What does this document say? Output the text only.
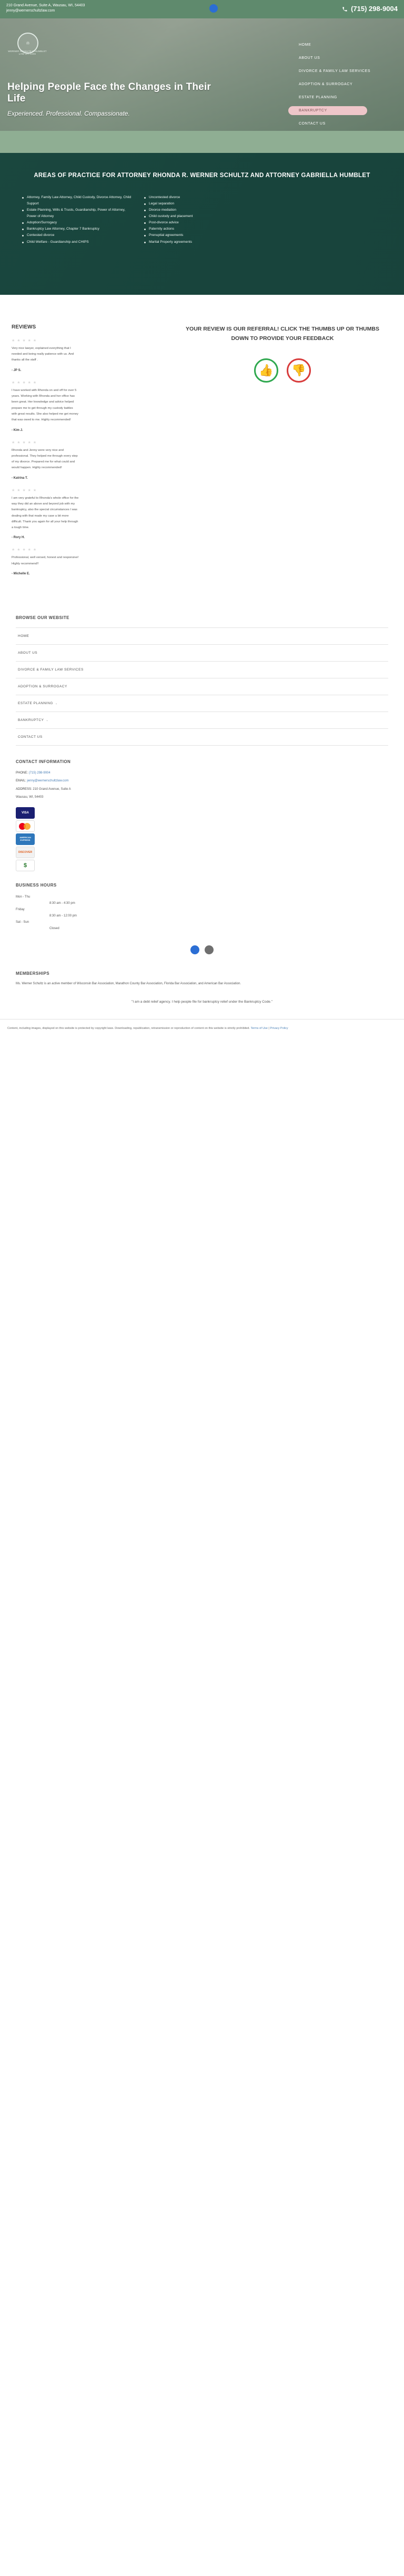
210 Grand Avenue, Suite A, Wausau, WI, 54403
jenny@wernerschultzlaw.com	(715) 298-9004
⚖
WERNER SCHULTZ & HUMBLET LAW OFFICES
HOME
ABOUT US
DIVORCE & FAMILY LAW SERVICES
ADOPTION & SURROGACY
ESTATE PLANNING
BANKRUPTCY
CONTACT US
Helping People Face the Changes in Their Life
Experienced. Professional. Compassionate.
AREAS OF PRACTICE FOR ATTORNEY RHONDA R. WERNER SCHULTZ AND ATTORNEY GABRIELLA HUMBLET
Attorney, Family Law Attorney, Child Custody, Divorce Attorney, Child Support
Estate Planning, Wills & Trusts, Guardianship, Power of Attorney, Power of Attorney
Adoption/Surrogacy
Bankruptcy Law Attorney, Chapter 7 Bankruptcy
Contested divorce
Child Welfare - Guardianship and CHIPS
Uncontested divorce
Legal separation
Divorce mediation
Child custody and placement
Post-divorce advice
Paternity actions
Prenuptial agreements
Marital Property agreements
REVIEWS
★ ★ ★ ★ ★
Very nice lawyer, explained everything that I needed and being really patience with us. And thanks all the staff .
- JP S.
★ ★ ★ ★ ★
I have worked with Rhonda on and off for over 5 years. Working with Rhonda and her office has been great. Her knowledge and advice helped prepare me to get through my custody battles with great results. She also helped me get money that was owed to me. Highly recommended!
- Kim J.
★ ★ ★ ★ ★
Rhonda and Jenny were very nice and professional. They helped me through every step of my divorce. Prepared me for what could and would happen. Highly recommended!
- Katrina T.
★ ★ ★ ★ ★
I am very grateful to Rhonda's whole office for the way they did an above and beyond job with my bankruptcy, also the special circumstances I was dealing with that made my case a bit more difficult. Thank you again for all your help through a tough time.
- Rory H.
★ ★ ★ ★ ★
Professional, well versed, honest and responsive! Highly recommend!!
- Michelle E.
YOUR REVIEW IS OUR REFERRAL! CLICK THE THUMBS UP OR THUMBS DOWN TO PROVIDE YOUR FEEDBACK
👍	👎
BROWSE OUR WEBSITE
HOME
ABOUT US
DIVORCE & FAMILY LAW SERVICES
ADOPTION & SURROGACY
ESTATE PLANNING ⌄
BANKRUPTCY ⌄
CONTACT US
CONTACT INFORMATION
PHONE: (715) 298-9004
EMAIL: jenny@wernerschultzlaw.com
ADDRESS: 210 Grand Avenue, Suite A
Wausau, WI, 54403
VISA
AMERICAN EXPRESS
DISCOVER
$
BUSINESS HOURS
Mon - Thu
8:30 am - 4:30 pm
Friday
8:30 am - 12:00 pm
Sat - Sun
Closed
MEMBERSHIPS

Ms. Werner Schultz is an active member of Wisconsin Bar Association, Marathon County Bar Association, Florida Bar Association, and American Bar Association.

"I am a debt relief agency. I help people file for bankruptcy relief under the Bankruptcy Code."
Content, including images, displayed on this website is protected by copyright laws. Downloading, republication, retransmission or reproduction of content on this website is strictly prohibited. Terms of Use | Privacy Policy
